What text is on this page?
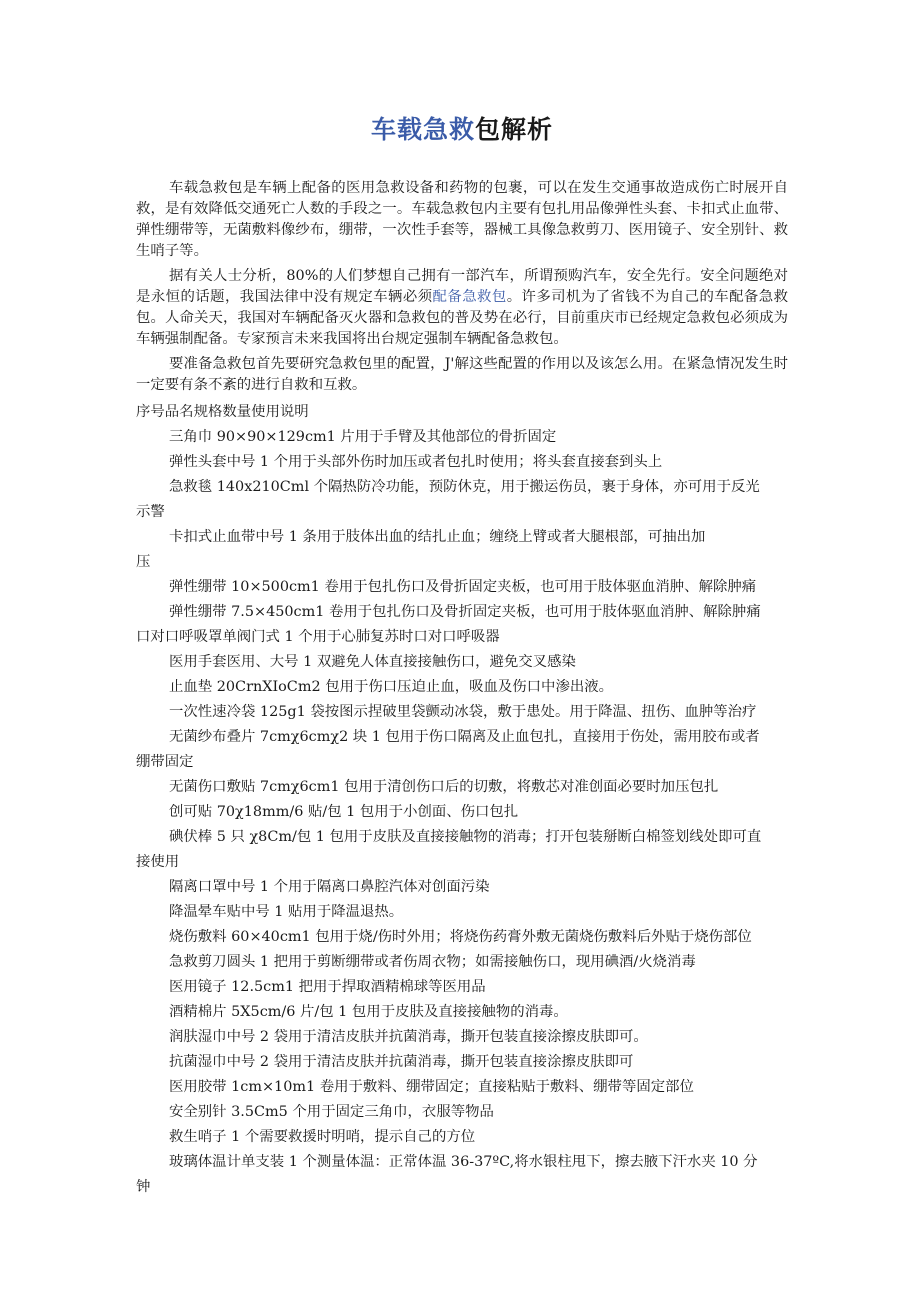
车载急救包解析

车载急救包是车辆上配备的医用急救设备和药物的包裹，可以在发生交通事故造成伤亡时展开自救，是有效降低交通死亡人数的手段之一。车载急救包内主要有包扎用品像弹性头套、卡扣式止血带、弹性绷带等，无菌敷料像纱布，绷带，一次性手套等，器械工具像急救剪刀、医用镜子、安全别针、救生哨子等。

据有关人士分析，80%的人们梦想自己拥有一部汽车，所谓预购汽车，安全先行。安全问题绝对是永恒的话题，我国法律中没有规定车辆必须配备急救包。许多司机为了省钱不为自己的车配备急救包。人命关天，我国对车辆配备灭火器和急救包的普及势在必行，目前重庆市已经规定急救包必须成为车辆强制配备。专家预言未来我国将出台规定强制车辆配备急救包。

要准备急救包首先要研究急救包里的配置，J'解这些配置的作用以及该怎么用。在紧急情况发生时一定要有条不紊的进行自救和互救。

序号品名规格数量使用说明

三角巾 90×90×129cm1 片用于手臂及其他部位的骨折固定

弹性头套中号 1 个用于头部外伤时加压或者包扎时使用；将头套直接套到头上

急救毯 140x210Cml 个隔热防冷功能，预防休克，用于搬运伤员，裹于身体，亦可用于反光

示警

卡扣式止血带中号 1 条用于肢体出血的结扎止血；缠绕上臂或者大腿根部，可抽出加

压

弹性绷带 10×500cm1 卷用于包扎伤口及骨折固定夹板，也可用于肢体驱血消肿、解除肿痛

弹性绷带 7.5×450cm1 卷用于包扎伤口及骨折固定夹板，也可用于肢体驱血消肿、解除肿痛

口对口呼吸罩单阀门式 1 个用于心肺复苏时口对口呼吸器

医用手套医用、大号 1 双避免人体直接接触伤口，避免交叉感染

止血垫 20CrnXIoCm2 包用于伤口压迫止血，吸血及伤口中渗出液。

一次性速冷袋 125g1 袋按图示捏破里袋颤动冰袋，敷于患处。用于降温、扭伤、血肿等治疗

无菌纱布叠片 7cmχ6cmχ2 块 1 包用于伤口隔离及止血包扎，直接用于伤处，需用胶布或者

绷带固定

无菌伤口敷贴 7cmχ6cm1 包用于清创伤口后的切敷，将敷芯对准创面必要时加压包扎

创可贴 70χ18mm∕6 贴/包 1 包用于小创面、伤口包扎

碘伏棒 5 只 χ8Cm/包 1 包用于皮肤及直接接触物的消毒；打开包装掰断白棉签划线处即可直

接使用

隔离口罩中号 1 个用于隔离口鼻腔汽体对创面污染

降温晕车贴中号 1 贴用于降温退热。

烧伤敷料 60×40cm1 包用于烧/伤时外用；将烧伤药膏外敷无菌烧伤敷料后外贴于烧伤部位

急救剪刀圆头 1 把用于剪断绷带或者伤周衣物；如需接触伤口，现用碘酒/火烧消毒

医用镜子 12.5cm1 把用于捍取酒精棉球等医用品

酒精棉片 5X5cm∕6 片/包 1 包用于皮肤及直接接触物的消毒。

润肤湿巾中号 2 袋用于清洁皮肤并抗菌消毒，撕开包装直接涂擦皮肤即可。

抗菌湿巾中号 2 袋用于清洁皮肤并抗菌消毒，撕开包装直接涂擦皮肤即可

医用胶带 1cm×10m1 卷用于敷料、绷带固定；直接粘贴于敷料、绷带等固定部位

安全别针 3.5Cm5 个用于固定三角巾，衣服等物品

救生哨子 1 个需要救援时明哨，提示自己的方位

玻璃体温计单支装 1 个测量体温：正常体温 36-37ºC,将水银柱甩下，擦去腋下汗水夹 10 分

钟
